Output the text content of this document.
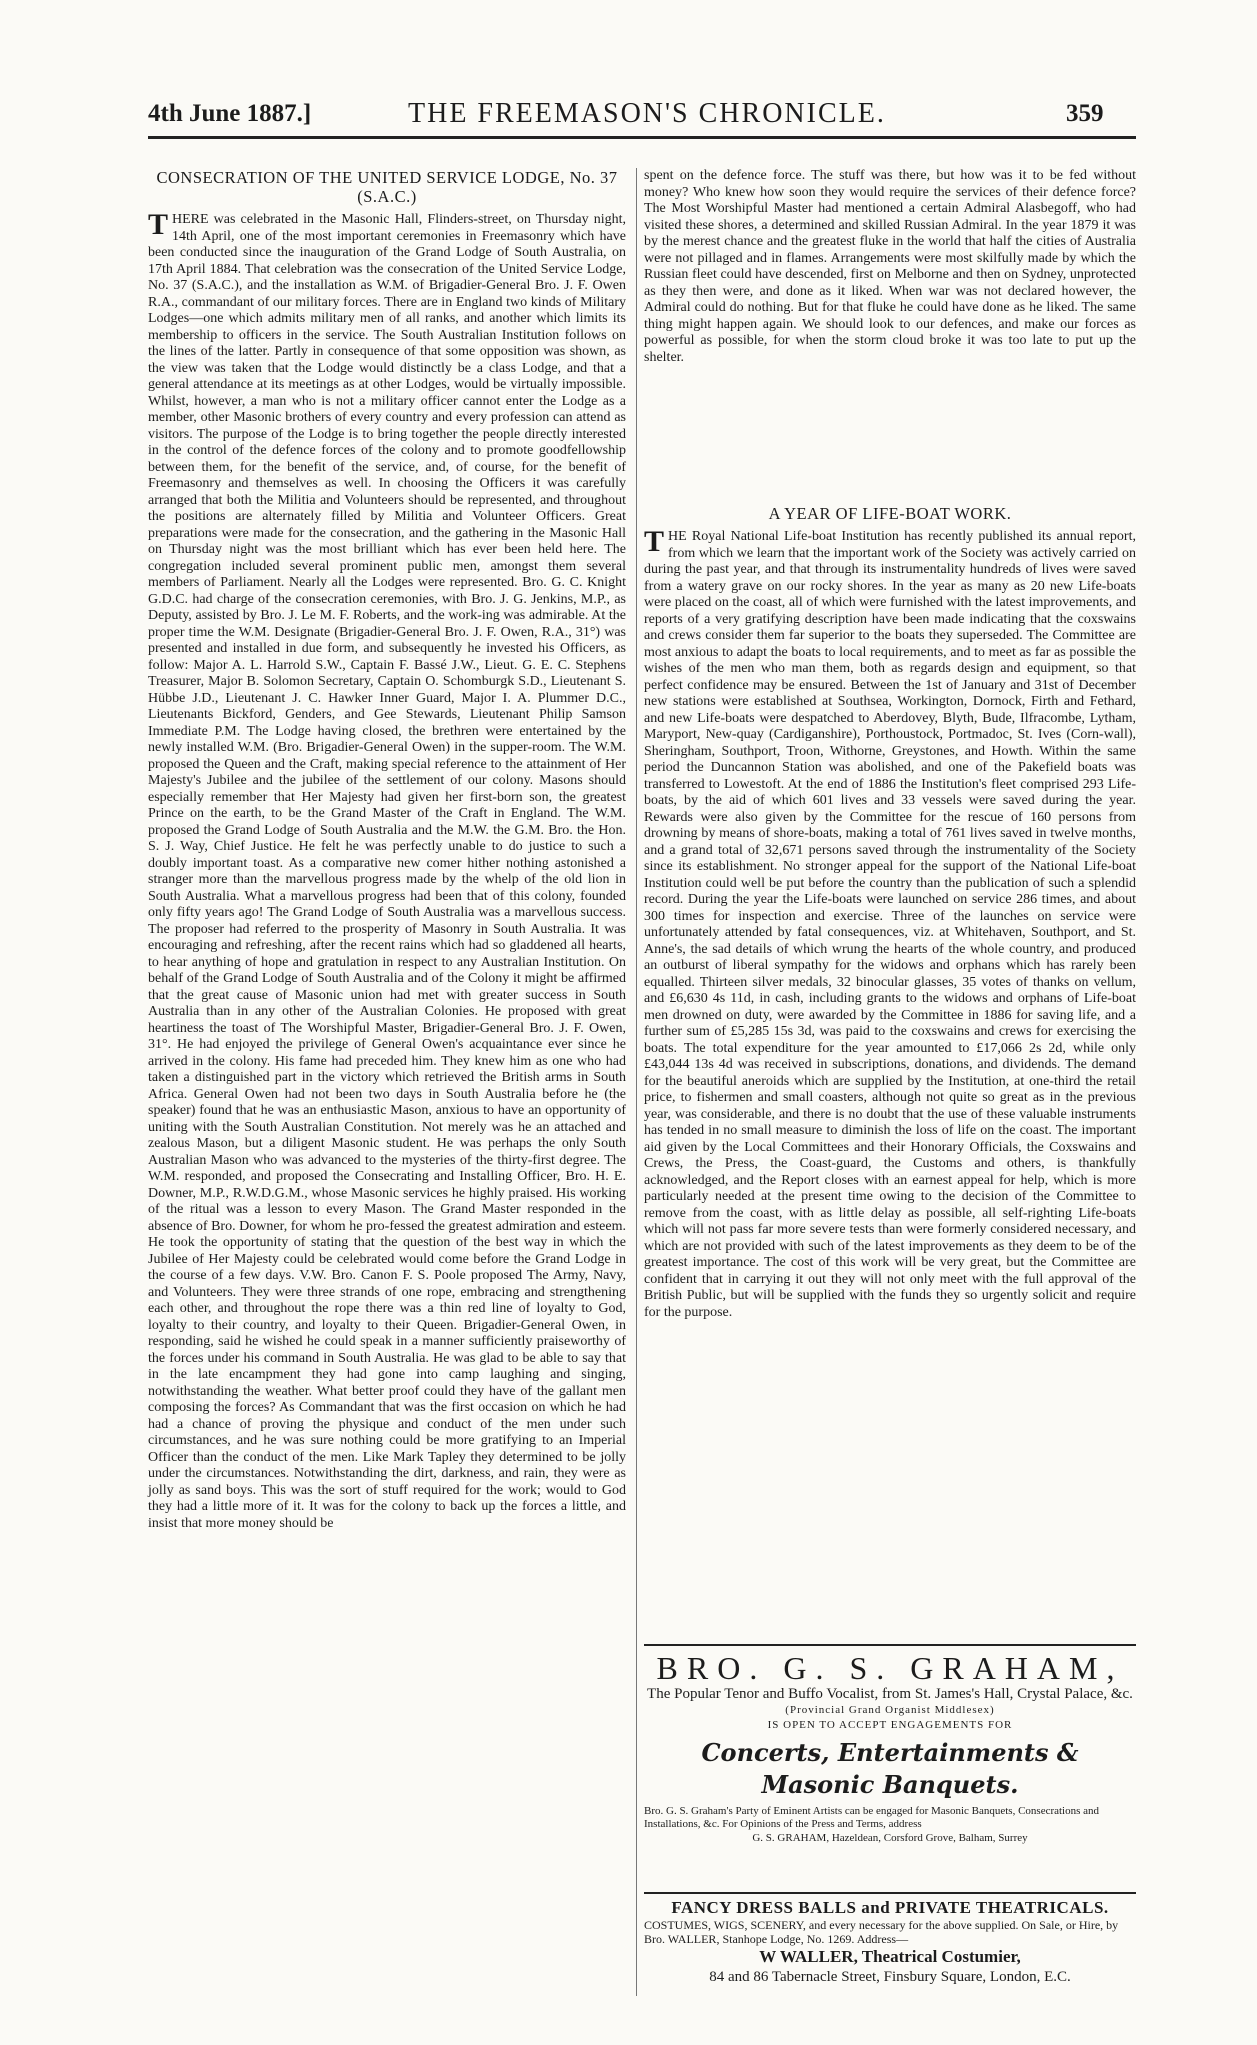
4th June 1887.]	THE FREEMASON'S CHRONICLE.	359
CONSECRATION OF THE UNITED SERVICE LODGE, No. 37 (S.A.C.)

THERE was celebrated in the Masonic Hall, Flinders-street, on Thursday night, 14th April, one of the most important ceremonies in Freemasonry which have been conducted since the inauguration of the Grand Lodge of South Australia, on 17th April 1884. That celebration was the consecration of the United Service Lodge, No. 37 (S.A.C.), and the installation as W.M. of Brigadier-General Bro. J. F. Owen R.A., commandant of our military forces. There are in England two kinds of Military Lodges—one which admits military men of all ranks, and another which limits its membership to officers in the service. The South Australian Institution follows on the lines of the latter. Partly in consequence of that some opposition was shown, as the view was taken that the Lodge would distinctly be a class Lodge, and that a general attendance at its meetings as at other Lodges, would be virtually impossible. Whilst, however, a man who is not a military officer cannot enter the Lodge as a member, other Masonic brothers of every country and every profession can attend as visitors. The purpose of the Lodge is to bring together the people directly interested in the control of the defence forces of the colony and to promote goodfellowship between them, for the benefit of the service, and, of course, for the benefit of Freemasonry and themselves as well. In choosing the Officers it was carefully arranged that both the Militia and Volunteers should be represented, and throughout the positions are alternately filled by Militia and Volunteer Officers. Great preparations were made for the consecration, and the gathering in the Masonic Hall on Thursday night was the most brilliant which has ever been held here. The congregation included several prominent public men, amongst them several members of Parliament. Nearly all the Lodges were represented. Bro. G. C. Knight G.D.C. had charge of the consecration ceremonies, with Bro. J. G. Jenkins, M.P., as Deputy, assisted by Bro. J. Le M. F. Roberts, and the work-ing was admirable. At the proper time the W.M. Designate (Brigadier-General Bro. J. F. Owen, R.A., 31°) was presented and installed in due form, and subsequently he invested his Officers, as follow: Major A. L. Harrold S.W., Captain F. Bassé J.W., Lieut. G. E. C. Stephens Treasurer, Major B. Solomon Secretary, Captain O. Schomburgk S.D., Lieutenant S. Hübbe J.D., Lieutenant J. C. Hawker Inner Guard, Major I. A. Plummer D.C., Lieutenants Bickford, Genders, and Gee Stewards, Lieutenant Philip Samson Immediate P.M. The Lodge having closed, the brethren were entertained by the newly installed W.M. (Bro. Brigadier-General Owen) in the supper-room. The W.M. proposed the Queen and the Craft, making special reference to the attainment of Her Majesty's Jubilee and the jubilee of the settlement of our colony. Masons should especially remember that Her Majesty had given her first-born son, the greatest Prince on the earth, to be the Grand Master of the Craft in England. The W.M. proposed the Grand Lodge of South Australia and the M.W. the G.M. Bro. the Hon. S. J. Way, Chief Justice. He felt he was perfectly unable to do justice to such a doubly important toast. As a comparative new comer hither nothing astonished a stranger more than the marvellous progress made by the whelp of the old lion in South Australia. What a marvellous progress had been that of this colony, founded only fifty years ago! The Grand Lodge of South Australia was a marvellous success. The proposer had referred to the prosperity of Masonry in South Australia. It was encouraging and refreshing, after the recent rains which had so gladdened all hearts, to hear anything of hope and gratulation in respect to any Australian Institution. On behalf of the Grand Lodge of South Australia and of the Colony it might be affirmed that the great cause of Masonic union had met with greater success in South Australia than in any other of the Australian Colonies. He proposed with great heartiness the toast of The Worshipful Master, Brigadier-General Bro. J. F. Owen, 31°. He had enjoyed the privilege of General Owen's acquaintance ever since he arrived in the colony. His fame had preceded him. They knew him as one who had taken a distinguished part in the victory which retrieved the British arms in South Africa. General Owen had not been two days in South Australia before he (the speaker) found that he was an enthusiastic Mason, anxious to have an opportunity of uniting with the South Australian Constitution. Not merely was he an attached and zealous Mason, but a diligent Masonic student. He was perhaps the only South Australian Mason who was advanced to the mysteries of the thirty-first degree. The W.M. responded, and proposed the Consecrating and Installing Officer, Bro. H. E. Downer, M.P., R.W.D.G.M., whose Masonic services he highly praised. His working of the ritual was a lesson to every Mason. The Grand Master responded in the absence of Bro. Downer, for whom he pro-fessed the greatest admiration and esteem. He took the opportunity of stating that the question of the best way in which the Jubilee of Her Majesty could be celebrated would come before the Grand Lodge in the course of a few days. V.W. Bro. Canon F. S. Poole proposed The Army, Navy, and Volunteers. They were three strands of one rope, embracing and strengthening each other, and throughout the rope there was a thin red line of loyalty to God, loyalty to their country, and loyalty to their Queen. Brigadier-General Owen, in responding, said he wished he could speak in a manner sufficiently praiseworthy of the forces under his command in South Australia. He was glad to be able to say that in the late encampment they had gone into camp laughing and singing, notwithstanding the weather. What better proof could they have of the gallant men composing the forces? As Commandant that was the first occasion on which he had had a chance of proving the physique and conduct of the men under such circumstances, and he was sure nothing could be more gratifying to an Imperial Officer than the conduct of the men. Like Mark Tapley they determined to be jolly under the circumstances. Notwithstanding the dirt, darkness, and rain, they were as jolly as sand boys. This was the sort of stuff required for the work; would to God they had a little more of it. It was for the colony to back up the forces a little, and insist that more money should be

spent on the defence force. The stuff was there, but how was it to be fed without money? Who knew how soon they would require the services of their defence force? The Most Worshipful Master had mentioned a certain Admiral Alasbegoff, who had visited these shores, a determined and skilled Russian Admiral. In the year 1879 it was by the merest chance and the greatest fluke in the world that half the cities of Australia were not pillaged and in flames. Arrangements were most skilfully made by which the Russian fleet could have descended, first on Melborne and then on Sydney, unprotected as they then were, and done as it liked. When war was not declared however, the Admiral could do nothing. But for that fluke he could have done as he liked. The same thing might happen again. We should look to our defences, and make our forces as powerful as possible, for when the storm cloud broke it was too late to put up the shelter.

A YEAR OF LIFE-BOAT WORK.

THE Royal National Life-boat Institution has recently published its annual report, from which we learn that the important work of the Society was actively carried on during the past year, and that through its instrumentality hundreds of lives were saved from a watery grave on our rocky shores. In the year as many as 20 new Life-boats were placed on the coast, all of which were furnished with the latest improvements, and reports of a very gratifying description have been made indicating that the coxswains and crews consider them far superior to the boats they superseded. The Committee are most anxious to adapt the boats to local requirements, and to meet as far as possible the wishes of the men who man them, both as regards design and equipment, so that perfect confidence may be ensured. Between the 1st of January and 31st of December new stations were established at Southsea, Workington, Dornock, Firth and Fethard, and new Life-boats were despatched to Aberdovey, Blyth, Bude, Ilfracombe, Lytham, Maryport, New-quay (Cardiganshire), Porthoustock, Portmadoc, St. Ives (Corn-wall), Sheringham, Southport, Troon, Withorne, Greystones, and Howth. Within the same period the Duncannon Station was abolished, and one of the Pakefield boats was transferred to Lowestoft. At the end of 1886 the Institution's fleet comprised 293 Life-boats, by the aid of which 601 lives and 33 vessels were saved during the year. Rewards were also given by the Committee for the rescue of 160 persons from drowning by means of shore-boats, making a total of 761 lives saved in twelve months, and a grand total of 32,671 persons saved through the instrumentality of the Society since its establishment. No stronger appeal for the support of the National Life-boat Institution could well be put before the country than the publication of such a splendid record. During the year the Life-boats were launched on service 286 times, and about 300 times for inspection and exercise. Three of the launches on service were unfortunately attended by fatal consequences, viz. at Whitehaven, Southport, and St. Anne's, the sad details of which wrung the hearts of the whole country, and produced an outburst of liberal sympathy for the widows and orphans which has rarely been equalled. Thirteen silver medals, 32 binocular glasses, 35 votes of thanks on vellum, and £6,630 4s 11d, in cash, including grants to the widows and orphans of Life-boat men drowned on duty, were awarded by the Committee in 1886 for saving life, and a further sum of £5,285 15s 3d, was paid to the coxswains and crews for exercising the boats. The total expenditure for the year amounted to £17,066 2s 2d, while only £43,044 13s 4d was received in subscriptions, donations, and dividends. The demand for the beautiful aneroids which are supplied by the Institution, at one-third the retail price, to fishermen and small coasters, although not quite so great as in the previous year, was considerable, and there is no doubt that the use of these valuable instruments has tended in no small measure to diminish the loss of life on the coast. The important aid given by the Local Committees and their Honorary Officials, the Coxswains and Crews, the Press, the Coast-guard, the Customs and others, is thankfully acknowledged, and the Report closes with an earnest appeal for help, which is more particularly needed at the present time owing to the decision of the Committee to remove from the coast, with as little delay as possible, all self-righting Life-boats which will not pass far more severe tests than were formerly considered necessary, and which are not provided with such of the latest improvements as they deem to be of the greatest importance. The cost of this work will be very great, but the Committee are confident that in carrying it out they will not only meet with the full approval of the British Public, but will be supplied with the funds they so urgently solicit and require for the purpose.

BRO. G. S. GRAHAM,
The Popular Tenor and Buffo Vocalist, from St. James's Hall, Crystal Palace, &c.
(Provincial Grand Organist Middlesex)
IS OPEN TO ACCEPT ENGAGEMENTS FOR
Concerts, Entertainments & Masonic Banquets.
Bro. G. S. Graham's Party of Eminent Artists can be engaged for Masonic Banquets, Consecrations and Installations, &c. For Opinions of the Press and Terms, address
G. S. GRAHAM, Hazeldean, Corsford Grove, Balham, Surrey
FANCY DRESS BALLS and PRIVATE THEATRICALS.
COSTUMES, WIGS, SCENERY, and every necessary for the above supplied. On Sale, or Hire, by Bro. WALLER, Stanhope Lodge, No. 1269. Address—
W WALLER, Theatrical Costumier,
84 and 86 Tabernacle Street, Finsbury Square, London, E.C.
